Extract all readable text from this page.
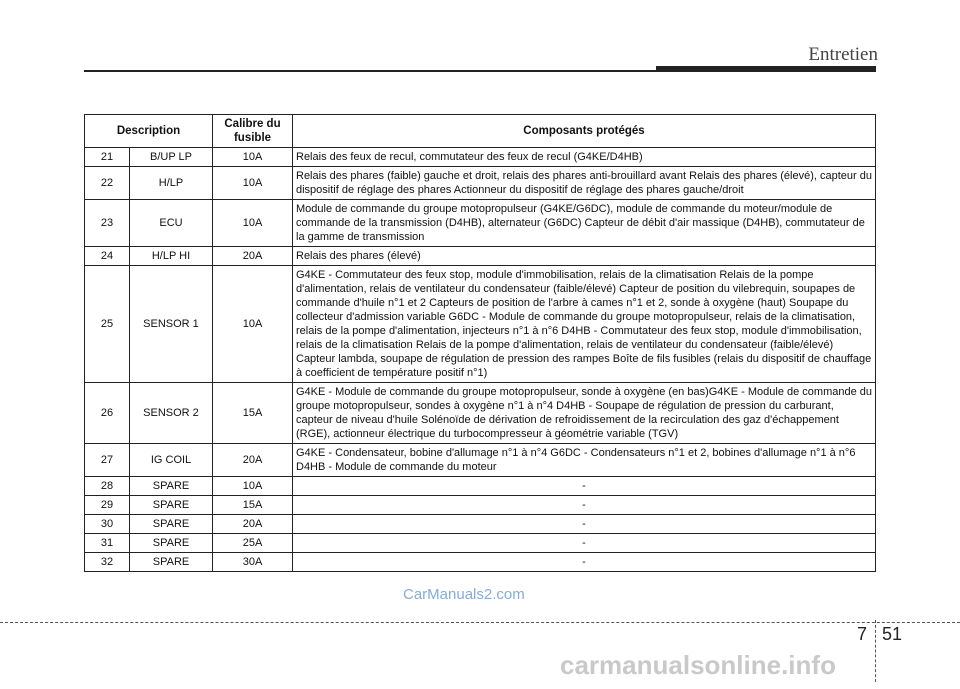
Entretien
Description		Calibre du fusible	Composants protégés
21	B/UP LP	10A	Relais des feux de recul, commutateur des feux de recul (G4KE/D4HB)
22	H/LP	10A	Relais des phares (faible) gauche et droit, relais des phares anti-brouillard avant Relais des phares (élevé), capteur du dispositif de réglage des phares Actionneur du dispositif de réglage des phares gauche/droit
23	ECU	10A	Module de commande du groupe motopropulseur (G4KE/G6DC), module de commande du moteur/module de commande de la transmission (D4HB), alternateur (G6DC) Capteur de débit d'air massique (D4HB), commutateur de la gamme de transmission
24	H/LP HI	20A	Relais des phares (élevé)
25	SENSOR 1	10A	G4KE - Commutateur des feux stop, module d'immobilisation, relais de la climatisation Relais de la pompe d'alimentation, relais de ventilateur du condensateur (faible/élevé) Capteur de position du vilebrequin, soupapes de commande d'huile n°1 et 2 Capteurs de position de l'arbre à cames n°1 et 2, sonde à oxygène (haut) Soupape du collecteur d'admission variable G6DC - Module de commande du groupe motopropulseur, relais de la climatisation, relais de la pompe d'alimentation, injecteurs n°1 à n°6 D4HB - Commutateur des feux stop, module d'immobilisation, relais de la climatisation Relais de la pompe d'alimentation, relais de ventilateur du condensateur (faible/élevé) Capteur lambda, soupape de régulation de pression des rampes Boîte de fils fusibles (relais du dispositif de chauffage à coefficient de température positif n°1)
26	SENSOR 2	15A	G4KE - Module de commande du groupe motopropulseur, sonde à oxygène (en bas)G4KE - Module de commande du groupe motopropulseur, sondes à oxygène n°1 à n°4 D4HB - Soupape de régulation de pression du carburant, capteur de niveau d'huile Solénoïde de dérivation de refroidissement de la recirculation des gaz d'échappement (RGE), actionneur électrique du turbocompresseur à géométrie variable (TGV)
27	IG COIL	20A	G4KE - Condensateur, bobine d'allumage n°1 à n°4 G6DC - Condensateurs n°1 et 2, bobines d'allumage n°1 à n°6 D4HB - Module de commande du moteur
28	SPARE	10A	-
29	SPARE	15A	-
30	SPARE	20A	-
31	SPARE	25A	-
32	SPARE	30A	-
CarManuals2.com
carmanualsonline.info
7 51
